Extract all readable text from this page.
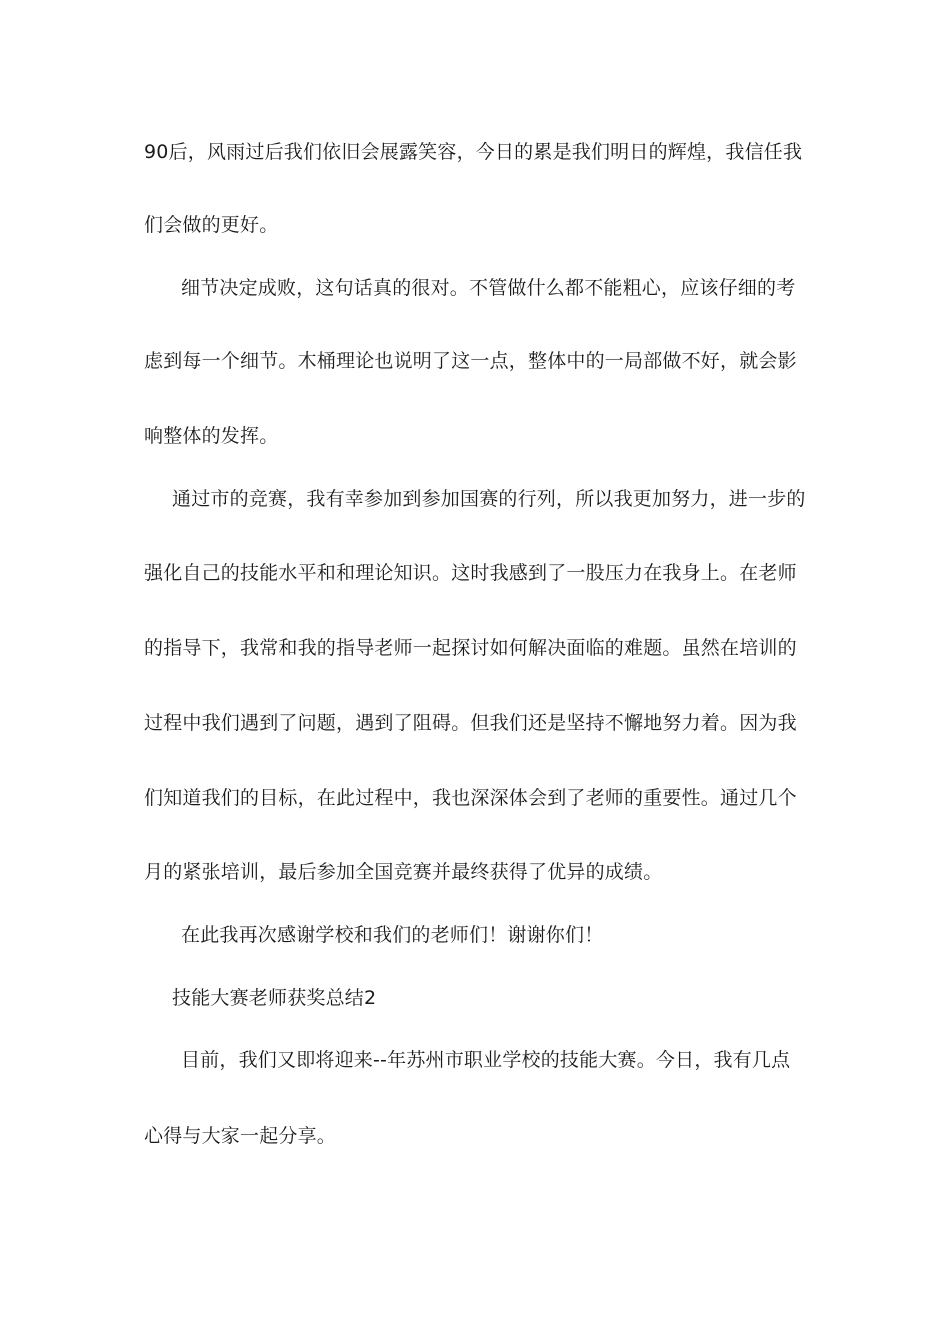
90后，风雨过后我们依旧会展露笑容，今日的累是我们明日的辉煌，我信任我
们会做的更好。
细节决定成败，这句话真的很对。不管做什么都不能粗心，应该仔细的考
虑到每一个细节。木桶理论也说明了这一点，整体中的一局部做不好，就会影
响整体的发挥。
通过市的竞赛，我有幸参加到参加国赛的行列，所以我更加努力，进一步的
强化自己的技能水平和和理论知识。这时我感到了一股压力在我身上。在老师
的指导下，我常和我的指导老师一起探讨如何解决面临的难题。虽然在培训的
过程中我们遇到了问题，遇到了阻碍。但我们还是坚持不懈地努力着。因为我
们知道我们的目标，在此过程中，我也深深体会到了老师的重要性。通过几个
月的紧张培训，最后参加全国竞赛并最终获得了优异的成绩。
在此我再次感谢学校和我们的老师们！谢谢你们！
技能大赛老师获奖总结2
目前，我们又即将迎来--年苏州市职业学校的技能大赛。今日，我有几点
心得与大家一起分享。
